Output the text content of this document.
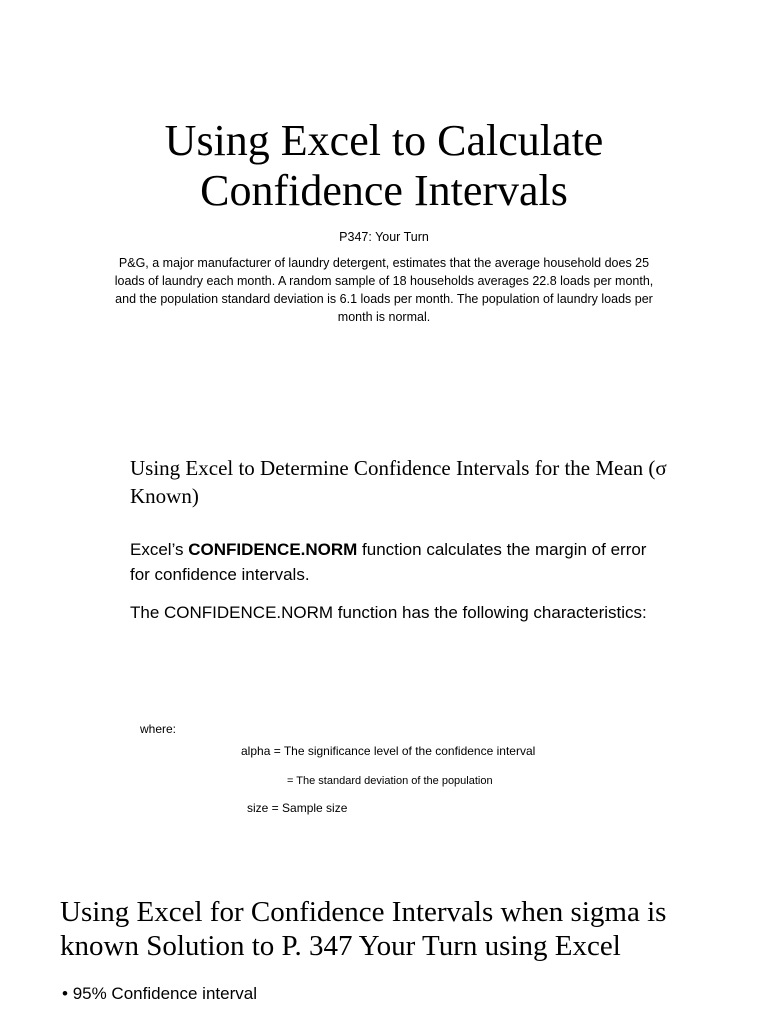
Using Excel to Calculate
Confidence Intervals
P347: Your Turn
P&G, a major manufacturer of laundry detergent, estimates that the average household does 25 loads of laundry each month. A random sample of 18 households averages 22.8 loads per month, and the population standard deviation is 6.1 loads per month. The population of laundry loads per month is normal.
Using Excel to Determine Confidence Intervals for the Mean (σ Known)
Excel’s CONFIDENCE.NORM function calculates the margin of error for confidence intervals.
The CONFIDENCE.NORM function has the following characteristics:
where:
alpha = The significance level of the confidence interval
= The standard deviation of the population
size = Sample size
Using Excel for Confidence Intervals when sigma is known Solution to P. 347 Your Turn using Excel
• 95% Confidence interval
